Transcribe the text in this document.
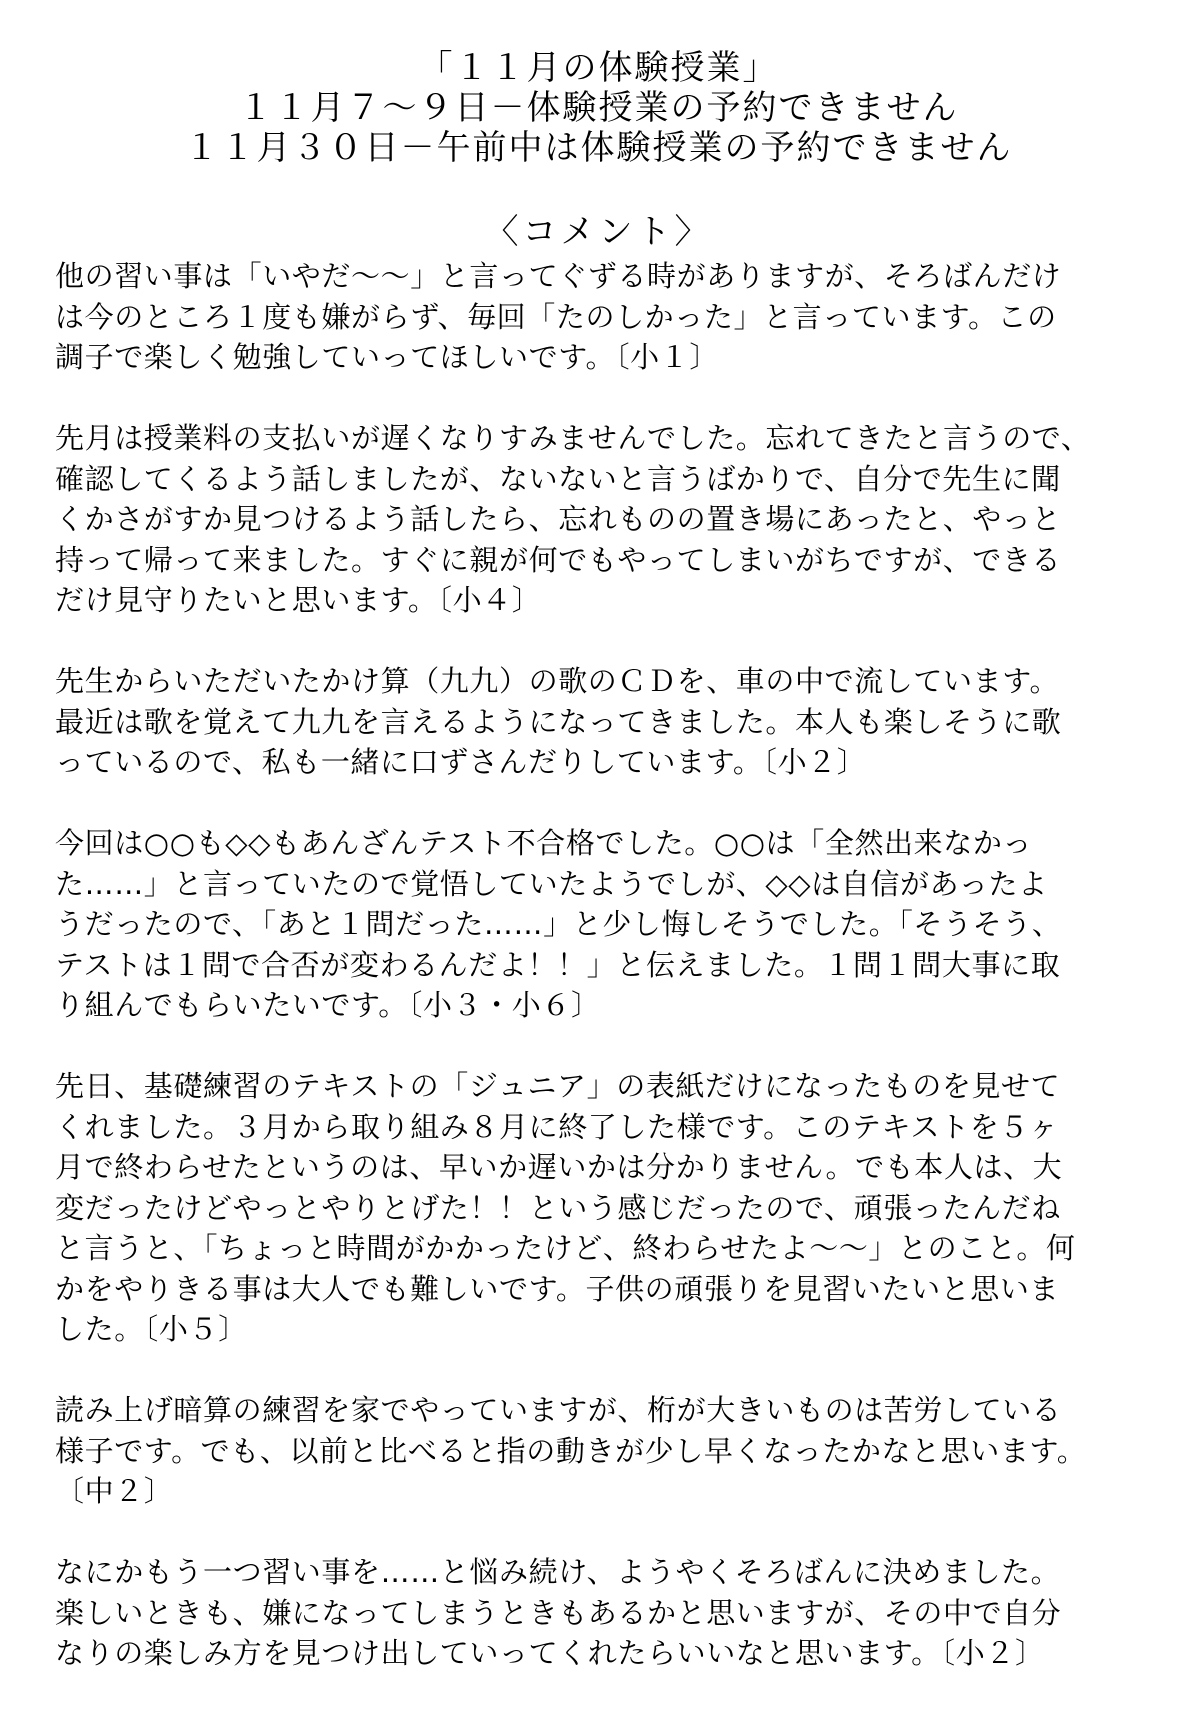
「１１月の体験授業」
１１月７～９日－体験授業の予約できません
１１月３０日－午前中は体験授業の予約できません
〈コメント〉
他の習い事は「いやだ～～」と言ってぐずる時がありますが、そろばんだけ
は今のところ１度も嫌がらず、毎回「たのしかった」と言っています。この
調子で楽しく勉強していってほしいです。〔小１〕
先月は授業料の支払いが遅くなりすみませんでした。忘れてきたと言うので、
確認してくるよう話しましたが、ないないと言うばかりで、自分で先生に聞
くかさがすか見つけるよう話したら、忘れものの置き場にあったと、やっと
持って帰って来ました。すぐに親が何でもやってしまいがちですが、できる
だけ見守りたいと思います。〔小４〕
先生からいただいたかけ算（九九）の歌のＣＤを、車の中で流しています。
最近は歌を覚えて九九を言えるようになってきました。本人も楽しそうに歌
っているので、私も一緒に口ずさんだりしています。〔小２〕
今回は○○も◇◇もあんざんテスト不合格でした。○○は「全然出来なかっ
た……」と言っていたので覚悟していたようでしが、◇◇は自信があったよ
うだったので、「あと１問だった……」と少し悔しそうでした。「そうそう、
テストは１問で合否が変わるんだよ！！」と伝えました。１問１問大事に取
り組んでもらいたいです。〔小３・小６〕
先日、基礎練習のテキストの「ジュニア」の表紙だけになったものを見せて
くれました。３月から取り組み８月に終了した様です。このテキストを５ヶ
月で終わらせたというのは、早いか遅いかは分かりません。でも本人は、大
変だったけどやっとやりとげた！！という感じだったので、頑張ったんだね
と言うと、「ちょっと時間がかかったけど、終わらせたよ～～」とのこと。何
かをやりきる事は大人でも難しいです。子供の頑張りを見習いたいと思いま
した。〔小５〕
読み上げ暗算の練習を家でやっていますが、桁が大きいものは苦労している
様子です。でも、以前と比べると指の動きが少し早くなったかなと思います。
〔中２〕
なにかもう一つ習い事を……と悩み続け、ようやくそろばんに決めました。
楽しいときも、嫌になってしまうときもあるかと思いますが、その中で自分
なりの楽しみ方を見つけ出していってくれたらいいなと思います。〔小２〕
